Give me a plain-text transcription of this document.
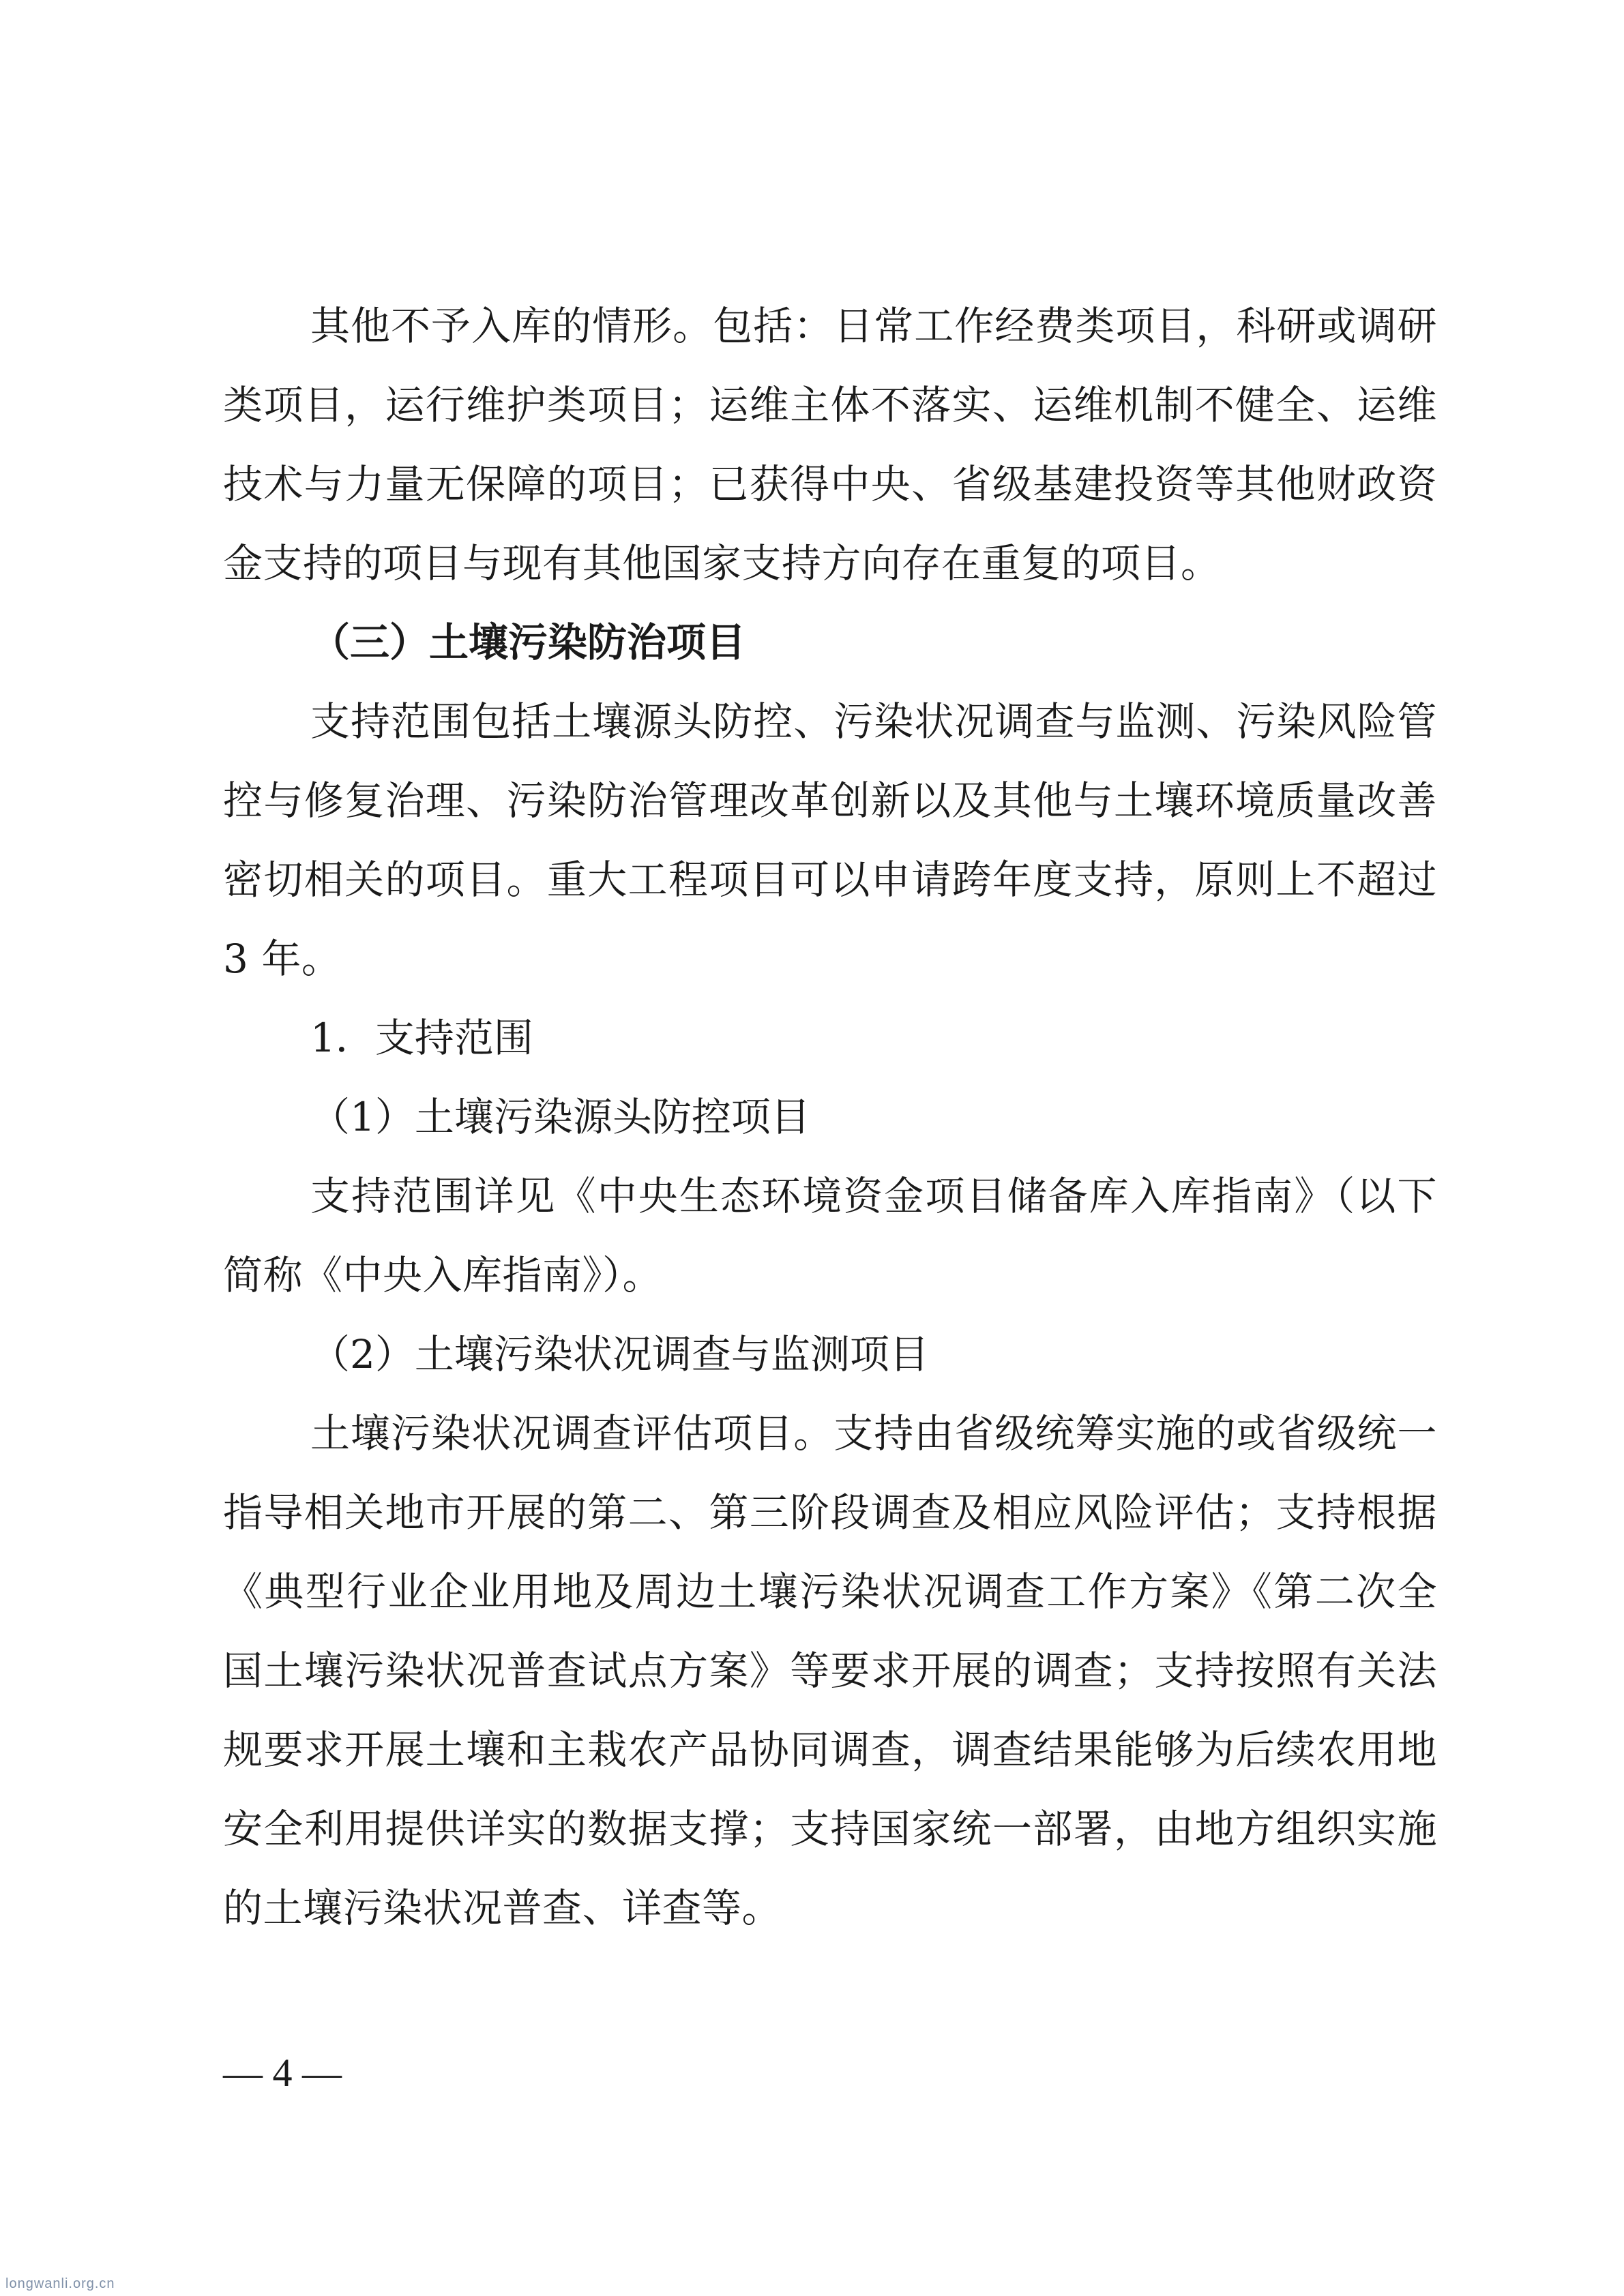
其他不予入库的情形。包括：日常工作经费类项目，科研或调研类项目，运行维护类项目；运维主体不落实、运维机制不健全、运维技术与力量无保障的项目；已获得中央、省级基建投资等其他财政资金支持的项目与现有其他国家支持方向存在重复的项目。

（三）土壤污染防治项目

支持范围包括土壤源头防控、污染状况调查与监测、污染风险管控与修复治理、污染防治管理改革创新以及其他与土壤环境质量改善密切相关的项目。重大工程项目可以申请跨年度支持，原则上不超过 3 年。

1．支持范围

（1）土壤污染源头防控项目

支持范围详见《中央生态环境资金项目储备库入库指南》（以下简称《中央入库指南》）。

（2）土壤污染状况调查与监测项目

土壤污染状况调查评估项目。支持由省级统筹实施的或省级统一指导相关地市开展的第二、第三阶段调查及相应风险评估；支持根据《典型行业企业用地及周边土壤污染状况调查工作方案》《第二次全国土壤污染状况普查试点方案》等要求开展的调查；支持按照有关法规要求开展土壤和主栽农产品协同调查，调查结果能够为后续农用地安全利用提供详实的数据支撑；支持国家统一部署，由地方组织实施的土壤污染状况普查、详查等。

— 4 —
longwanli.org.cn
